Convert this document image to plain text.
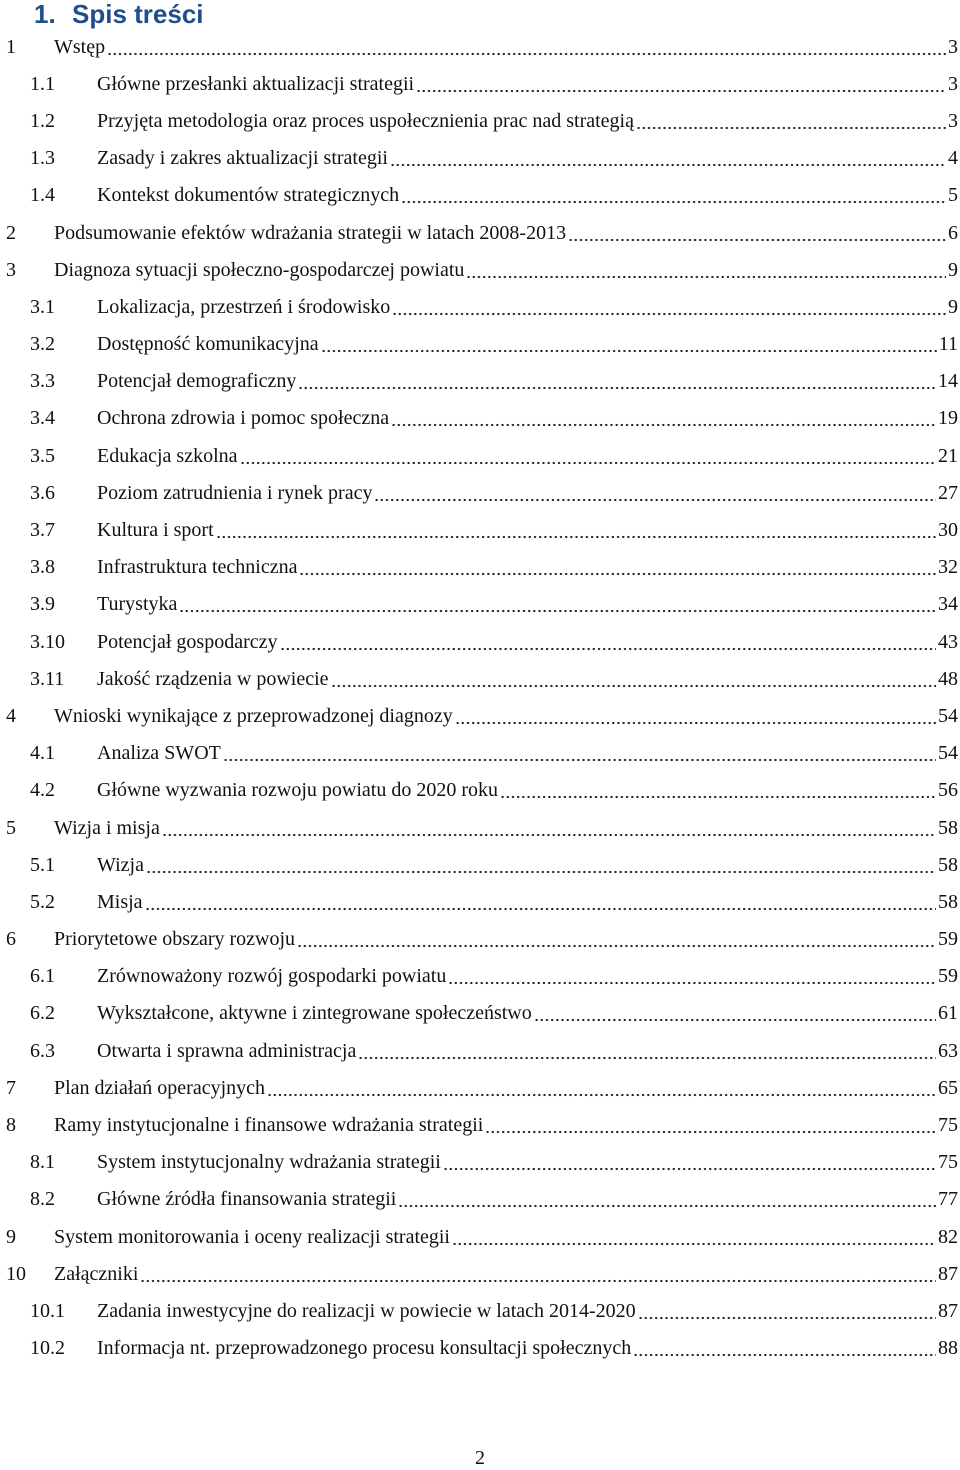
1. Spis treści
1	Wstęp	3
1.1	Główne przesłanki aktualizacji strategii	3
1.2	Przyjęta metodologia oraz proces uspołecznienia prac nad strategią	3
1.3	Zasady i zakres aktualizacji strategii	4
1.4	Kontekst dokumentów strategicznych	5
2	Podsumowanie efektów wdrażania strategii w latach 2008-2013	6
3	Diagnoza sytuacji społeczno-gospodarczej powiatu	9
3.1	Lokalizacja, przestrzeń i środowisko	9
3.2	Dostępność komunikacyjna	11
3.3	Potencjał demograficzny	14
3.4	Ochrona zdrowia i pomoc społeczna	19
3.5	Edukacja szkolna	21
3.6	Poziom zatrudnienia i rynek pracy	27
3.7	Kultura i sport	30
3.8	Infrastruktura techniczna	32
3.9	Turystyka	34
3.10	Potencjał gospodarczy	43
3.11	Jakość rządzenia w powiecie	48
4	Wnioski wynikające z przeprowadzonej diagnozy	54
4.1	Analiza SWOT	54
4.2	Główne wyzwania rozwoju powiatu do 2020 roku	56
5	Wizja i misja	58
5.1	Wizja	58
5.2	Misja	58
6	Priorytetowe obszary rozwoju	59
6.1	Zrównoważony rozwój gospodarki powiatu	59
6.2	Wykształcone, aktywne i zintegrowane społeczeństwo	61
6.3	Otwarta i sprawna administracja	63
7	Plan działań operacyjnych	65
8	Ramy instytucjonalne i finansowe wdrażania strategii	75
8.1	System instytucjonalny wdrażania strategii	75
8.2	Główne źródła finansowania strategii	77
9	System monitorowania i oceny realizacji strategii	82
10	Załączniki	87
10.1	Zadania inwestycyjne do realizacji w powiecie w latach 2014-2020	87
10.2	Informacja nt. przeprowadzonego procesu konsultacji społecznych	88
2
